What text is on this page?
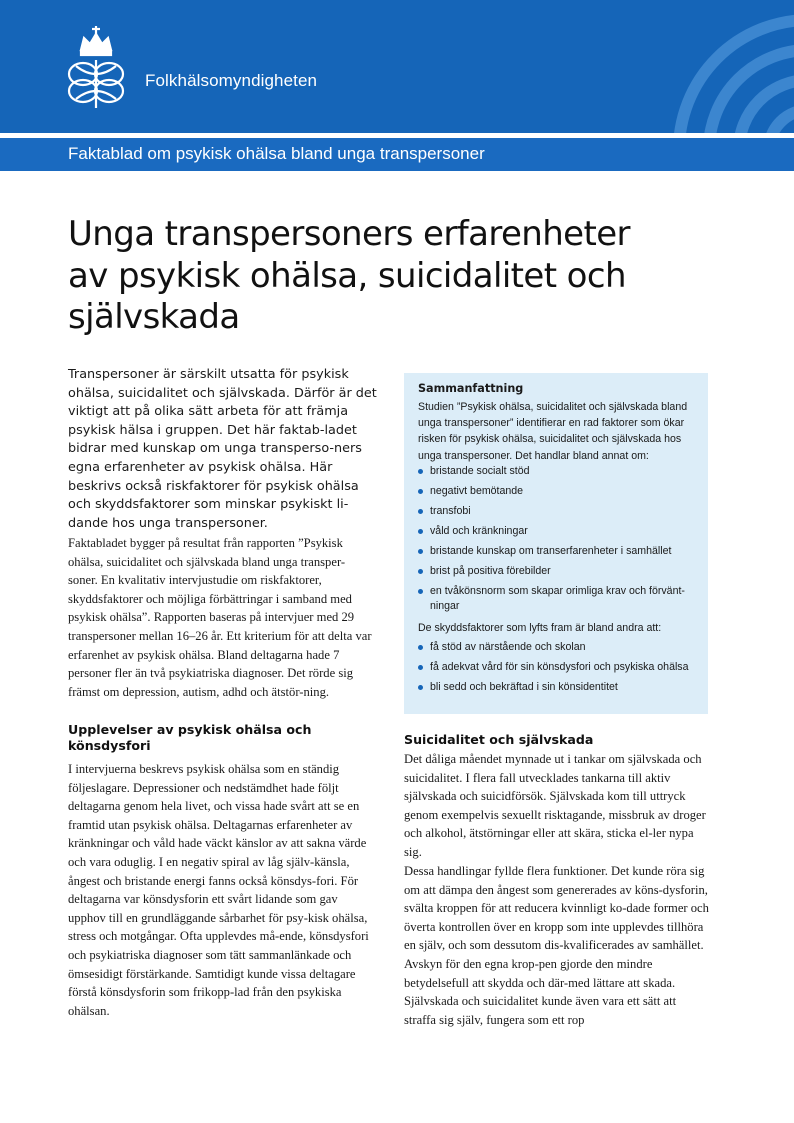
Folkhälsomyndigheten
Faktablad om psykisk ohälsa bland unga transpersoner
Unga transpersoners erfarenheter
av psykisk ohälsa, suicidalitet och
självskada

Transpersoner är särskilt utsatta för psykisk ohälsa, suicidalitet och självskada. Därför är det viktigt att på olika sätt arbeta för att främja psykisk hälsa i gruppen. Det här faktab-ladet bidrar med kunskap om unga transperso-ners egna erfarenheter av psykisk ohälsa. Här beskrivs också riskfaktorer för psykisk ohälsa och skyddsfaktorer som minskar psykiskt li-dande hos unga transpersoner.

Faktabladet bygger på resultat från rapporten ”Psykisk ohälsa, suicidalitet och självskada bland unga transper-soner. En kvalitativ intervjustudie om riskfaktorer, skyddsfaktorer och möjliga förbättringar i samband med psykisk ohälsa”. Rapporten baseras på intervjuer med 29 transpersoner mellan 16–26 år. Ett kriterium för att delta var erfarenhet av psykisk ohälsa. Bland deltagarna hade 7 personer fler än två psykiatriska diagnoser. Det rörde sig främst om depression, autism, adhd och ätstör-ning.

Upplevelser av psykisk ohälsa och könsdysfori

I intervjuerna beskrevs psykisk ohälsa som en ständig följeslagare. Depressioner och nedstämdhet hade följt deltagarna genom hela livet, och vissa hade svårt att se en framtid utan psykisk ohälsa. Deltagarnas erfarenheter av kränkningar och våld hade väckt känslor av att sakna värde och vara oduglig. I en negativ spiral av låg själv-känsla, ångest och bristande energi fanns också könsdys-fori. För deltagarna var könsdysforin ett svårt lidande som gav upphov till en grundläggande sårbarhet för psy-kisk ohälsa, stress och motgångar. Ofta upplevdes må-ende, könsdysfori och psykiatriska diagnoser som tätt sammanlänkade och ömsesidigt förstärkande. Samtidigt kunde vissa deltagare förstå könsdysforin som frikopp-lad från den psykiska ohälsan.

Sammanfattning

Studien ”Psykisk ohälsa, suicidalitet och självskada bland unga transpersoner” identifierar en rad faktorer som ökar risken för psykisk ohälsa, suicidalitet och självskada hos unga transpersoner. Det handlar bland annat om:

bristande socialt stöd
negativt bemötande
transfobi
våld och kränkningar
bristande kunskap om transerfarenheter i samhället
brist på positiva förebilder
en tvåkönsnorm som skapar orimliga krav och förvänt-ningar

De skyddsfaktorer som lyfts fram är bland andra att:

få stöd av närstående och skolan
få adekvat vård för sin könsdysfori och psykiska ohälsa
bli sedd och bekräftad i sin könsidentitet
Suicidalitet och självskada

Det dåliga måendet mynnade ut i tankar om självskada och suicidalitet. I flera fall utvecklades tankarna till aktiv självskada och suicidförsök. Självskada kom till uttryck genom exempelvis sexuellt risktagande, missbruk av droger och alkohol, ätstörningar eller att skära, sticka el-ler nypa sig.

Dessa handlingar fyllde flera funktioner. Det kunde röra sig om att dämpa den ångest som genererades av köns-dysforin, svälta kroppen för att reducera kvinnligt ko-dade former och överta kontrollen över en kropp som inte upplevdes tillhöra en själv, och som dessutom dis-kvalificerades av samhället. Avskyn för den egna krop-pen gjorde den mindre betydelsefull att skydda och där-med lättare att skada. Självskada och suicidalitet kunde även vara ett sätt att straffa sig själv, fungera som ett rop
